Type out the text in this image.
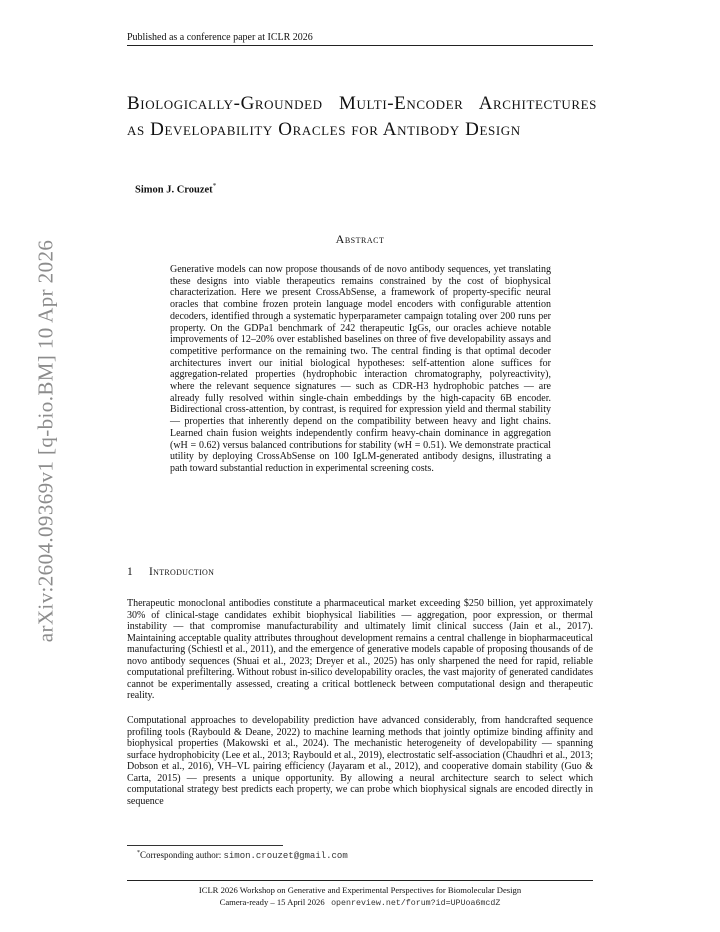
Published as a conference paper at ICLR 2026
Biologically-Grounded Multi-Encoder Architectures as Developability Oracles for Antibody Design
Simon J. Crouzet*
arXiv:2604.09369v1 [q-bio.BM] 10 Apr 2026
Abstract
Generative models can now propose thousands of de novo antibody sequences, yet translating these designs into viable therapeutics remains constrained by the cost of biophysical characterization. Here we present CrossAbSense, a framework of property-specific neural oracles that combine frozen protein language model encoders with configurable attention decoders, identified through a systematic hyperparameter campaign totaling over 200 runs per property. On the GDPa1 benchmark of 242 therapeutic IgGs, our oracles achieve notable improvements of 12–20% over established baselines on three of five developability assays and competitive performance on the remaining two. The central finding is that optimal decoder architectures invert our initial biological hypotheses: self-attention alone suffices for aggregation-related properties (hydrophobic interaction chromatography, polyreactivity), where the relevant sequence signatures — such as CDR-H3 hydrophobic patches — are already fully resolved within single-chain embeddings by the high-capacity 6B encoder. Bidirectional cross-attention, by contrast, is required for expression yield and thermal stability — properties that inherently depend on the compatibility between heavy and light chains. Learned chain fusion weights independently confirm heavy-chain dominance in aggregation (wH = 0.62) versus balanced contributions for stability (wH = 0.51). We demonstrate practical utility by deploying CrossAbSense on 100 IgLM-generated antibody designs, illustrating a path toward substantial reduction in experimental screening costs.
1 Introduction
Therapeutic monoclonal antibodies constitute a pharmaceutical market exceeding $250 billion, yet approximately 30% of clinical-stage candidates exhibit biophysical liabilities — aggregation, poor expression, or thermal instability — that compromise manufacturability and ultimately limit clinical success (Jain et al., 2017). Maintaining acceptable quality attributes throughout development remains a central challenge in biopharmaceutical manufacturing (Schiestl et al., 2011), and the emergence of generative models capable of proposing thousands of de novo antibody sequences (Shuai et al., 2023; Dreyer et al., 2025) has only sharpened the need for rapid, reliable computational prefiltering. Without robust in-silico developability oracles, the vast majority of generated candidates cannot be experimentally assessed, creating a critical bottleneck between computational design and therapeutic reality.
Computational approaches to developability prediction have advanced considerably, from handcrafted sequence profiling tools (Raybould & Deane, 2022) to machine learning methods that jointly optimize binding affinity and biophysical properties (Makowski et al., 2024). The mechanistic heterogeneity of developability — spanning surface hydrophobicity (Lee et al., 2013; Raybould et al., 2019), electrostatic self-association (Chaudhri et al., 2013; Dobson et al., 2016), VH–VL pairing efficiency (Jayaram et al., 2012), and cooperative domain stability (Guo & Carta, 2015) — presents a unique opportunity. By allowing a neural architecture search to select which computational strategy best predicts each property, we can probe which biophysical signals are encoded directly in sequence
*Corresponding author: simon.crouzet@gmail.com
ICLR 2026 Workshop on Generative and Experimental Perspectives for Biomolecular Design
Camera-ready – 15 April 2026 openreview.net/forum?id=UPUoa6mcdZ
